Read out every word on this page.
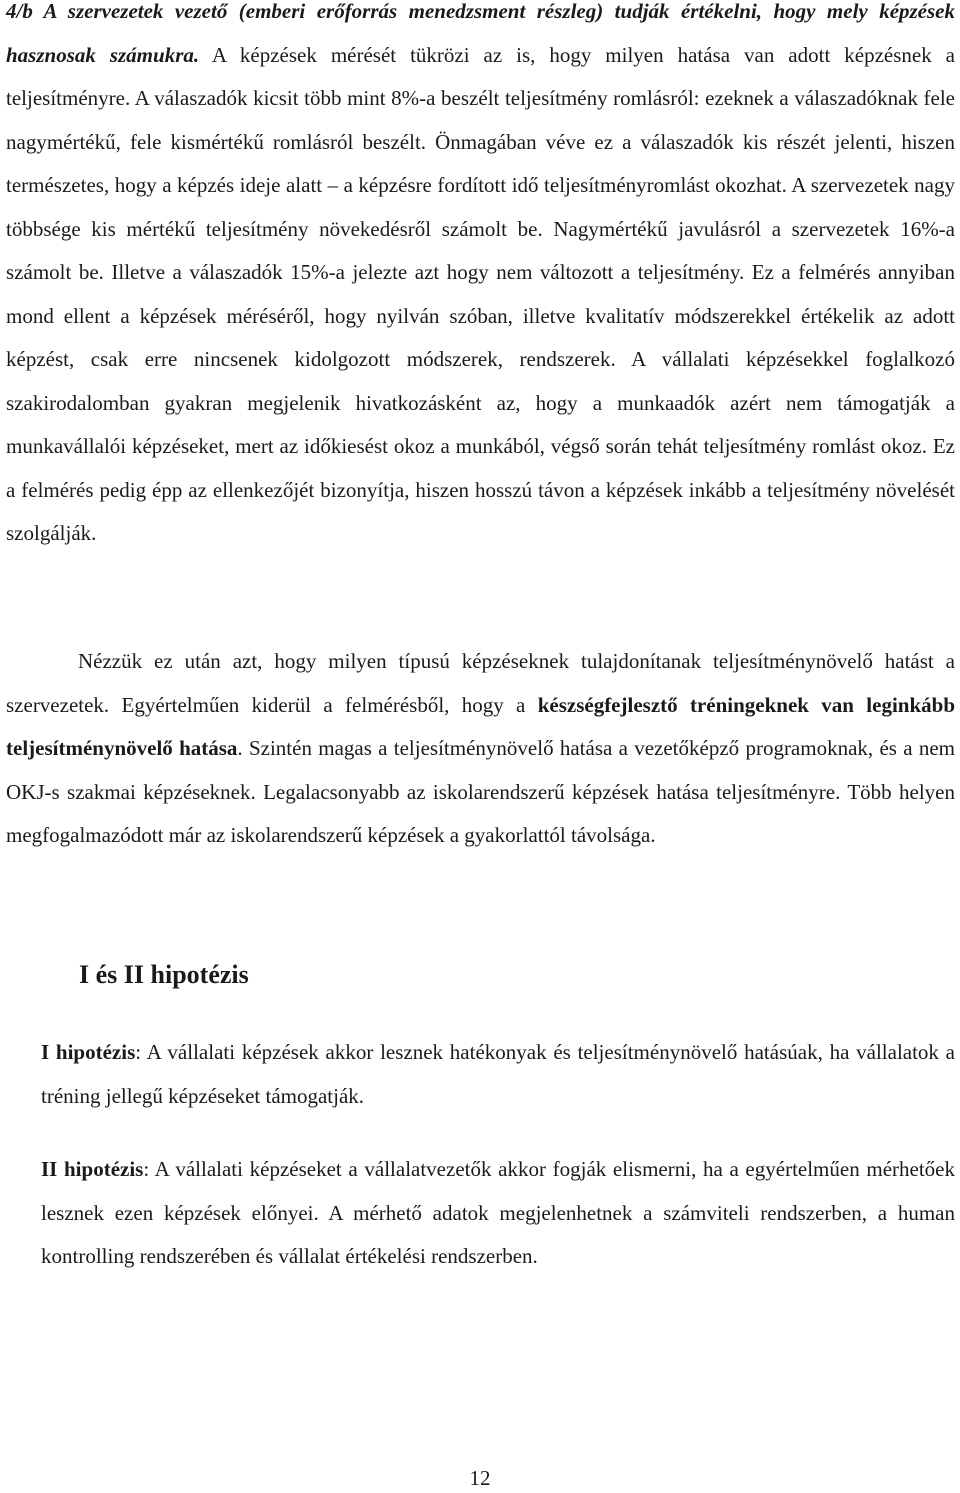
4/b A szervezetek vezető (emberi erőforrás menedzsment részleg) tudják értékelni, hogy mely képzések hasznosak számukra. A képzések mérését tükrözi az is, hogy milyen hatása van adott képzésnek a teljesítményre. A válaszadók kicsit több mint 8%-a beszélt teljesítmény romlásról: ezeknek a válaszadóknak fele nagymértékű, fele kismértékű romlásról beszélt. Önmagában véve ez a válaszadók kis részét jelenti, hiszen természetes, hogy a képzés ideje alatt – a képzésre fordított idő teljesítményromlást okozhat. A szervezetek nagy többsége kis mértékű teljesítmény növekedésről számolt be. Nagymértékű javulásról a szervezetek 16%-a számolt be. Illetve a válaszadók 15%-a jelezte azt hogy nem változott a teljesítmény. Ez a felmérés annyiban mond ellent a képzések méréséről, hogy nyilván szóban, illetve kvalitatív módszerekkel értékelik az adott képzést, csak erre nincsenek kidolgozott módszerek, rendszerek. A vállalati képzésekkel foglalkozó szakirodalomban gyakran megjelenik hivatkozásként az, hogy a munkaadók azért nem támogatják a munkavállalói képzéseket, mert az időkiesést okoz a munkából, végső során tehát teljesítmény romlást okoz. Ez a felmérés pedig épp az ellenkezőjét bizonyítja, hiszen hosszú távon a képzések inkább a teljesítmény növelését szolgálják.

Nézzük ez után azt, hogy milyen típusú képzéseknek tulajdonítanak teljesítménynövelő hatást a szervezetek. Egyértelműen kiderül a felmérésből, hogy a készségfejlesztő tréningeknek van leginkább teljesítménynövelő hatása. Szintén magas a teljesítménynövelő hatása a vezetőképző programoknak, és a nem OKJ-s szakmai képzéseknek. Legalacsonyabb az iskolarendszerű képzések hatása teljesítményre. Több helyen megfogalmazódott már az iskolarendszerű képzések a gyakorlattól távolsága.

I és II hipotézis

I hipotézis: A vállalati képzések akkor lesznek hatékonyak és teljesítménynövelő hatásúak, ha vállalatok a tréning jellegű képzéseket támogatják.

II hipotézis: A vállalati képzéseket a vállalatvezetők akkor fogják elismerni, ha a egyértelműen mérhetőek lesznek ezen képzések előnyei. A mérhető adatok megjelenhetnek a számviteli rendszerben, a human kontrolling rendszerében és vállalat értékelési rendszerben.

12
